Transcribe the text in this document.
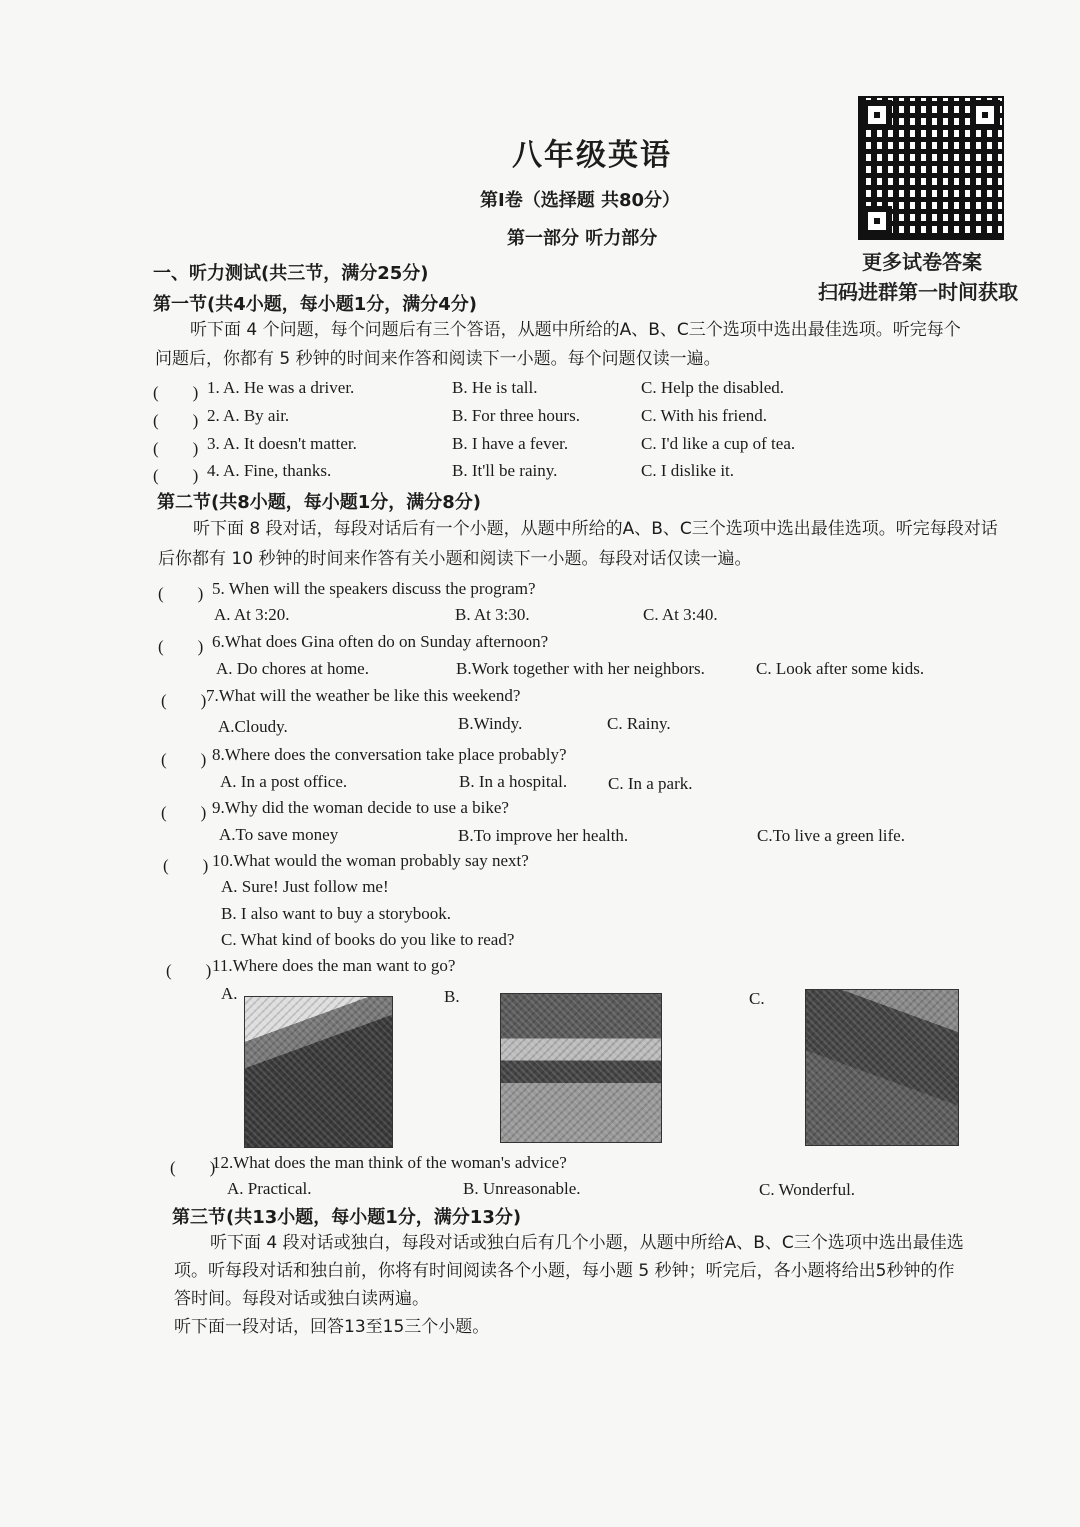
八年级英语
第Ⅰ卷（选择题 共80分）
第一部分 听力部分
更多试卷答案
扫码进群第一时间获取
一、听力测试(共三节，满分25分)
第一节(共4小题，每小题1分，满分4分)
听下面 4 个问题，每个问题后有三个答语，从题中所给的A、B、C三个选项中选出最佳选项。听完每个
问题后，你都有 5 秒钟的时间来作答和阅读下一小题。每个问题仅读一遍。
(　　) 1. A. He was a driver.	B. He is tall.	C. Help the disabled.
(　　) 2. A. By air.	B. For three hours.	C. With his friend.
(　　) 3. A. It doesn't matter.	B. I have a fever.	C. I'd like a cup of tea.
(　　) 4. A. Fine, thanks.	B. It'll be rainy.	C. I dislike it.
第二节(共8小题，每小题1分，满分8分)
听下面 8 段对话，每段对话后有一个小题，从题中所给的A、B、C三个选项中选出最佳选项。听完每段对话
后你都有 10 秒钟的时间来作答有关小题和阅读下一小题。每段对话仅读一遍。
(　　) 5. When will the speakers discuss the program?
A. At 3:20.	B. At 3:30.	C. At 3:40.
(　　) 6.What does Gina often do on Sunday afternoon?
A. Do chores at home.	B.Work together with her neighbors.	C. Look after some kids.
(　　) 7.What will the weather be like this weekend?
A.Cloudy.	B.Windy.	C. Rainy.
(　　) 8.Where does the conversation take place probably?
A. In a post office.	B. In a hospital. C. In a park.
(　　) 9.Why did the woman decide to use a bike?
A.To save money	B.To improve her health.	C.To live a green life.
(　　) 10.What would the woman probably say next?
A. Sure! Just follow me!
B. I also want to buy a storybook.
C. What kind of books do you like to read?
(　　) 11.Where does the man want to go?
A.	B.	C.
(　　)
12.What does the man think of the woman's advice?
A. Practical.	B. Unreasonable.	C. Wonderful.
第三节(共13小题，每小题1分，满分13分)
听下面 4 段对话或独白，每段对话或独白后有几个小题，从题中所给A、B、C三个选项中选出最佳选
项。听每段对话和独白前，你将有时间阅读各个小题，每小题 5 秒钟；听完后，各小题将给出5秒钟的作
答时间。每段对话或独白读两遍。
听下面一段对话，回答13至15三个小题。
